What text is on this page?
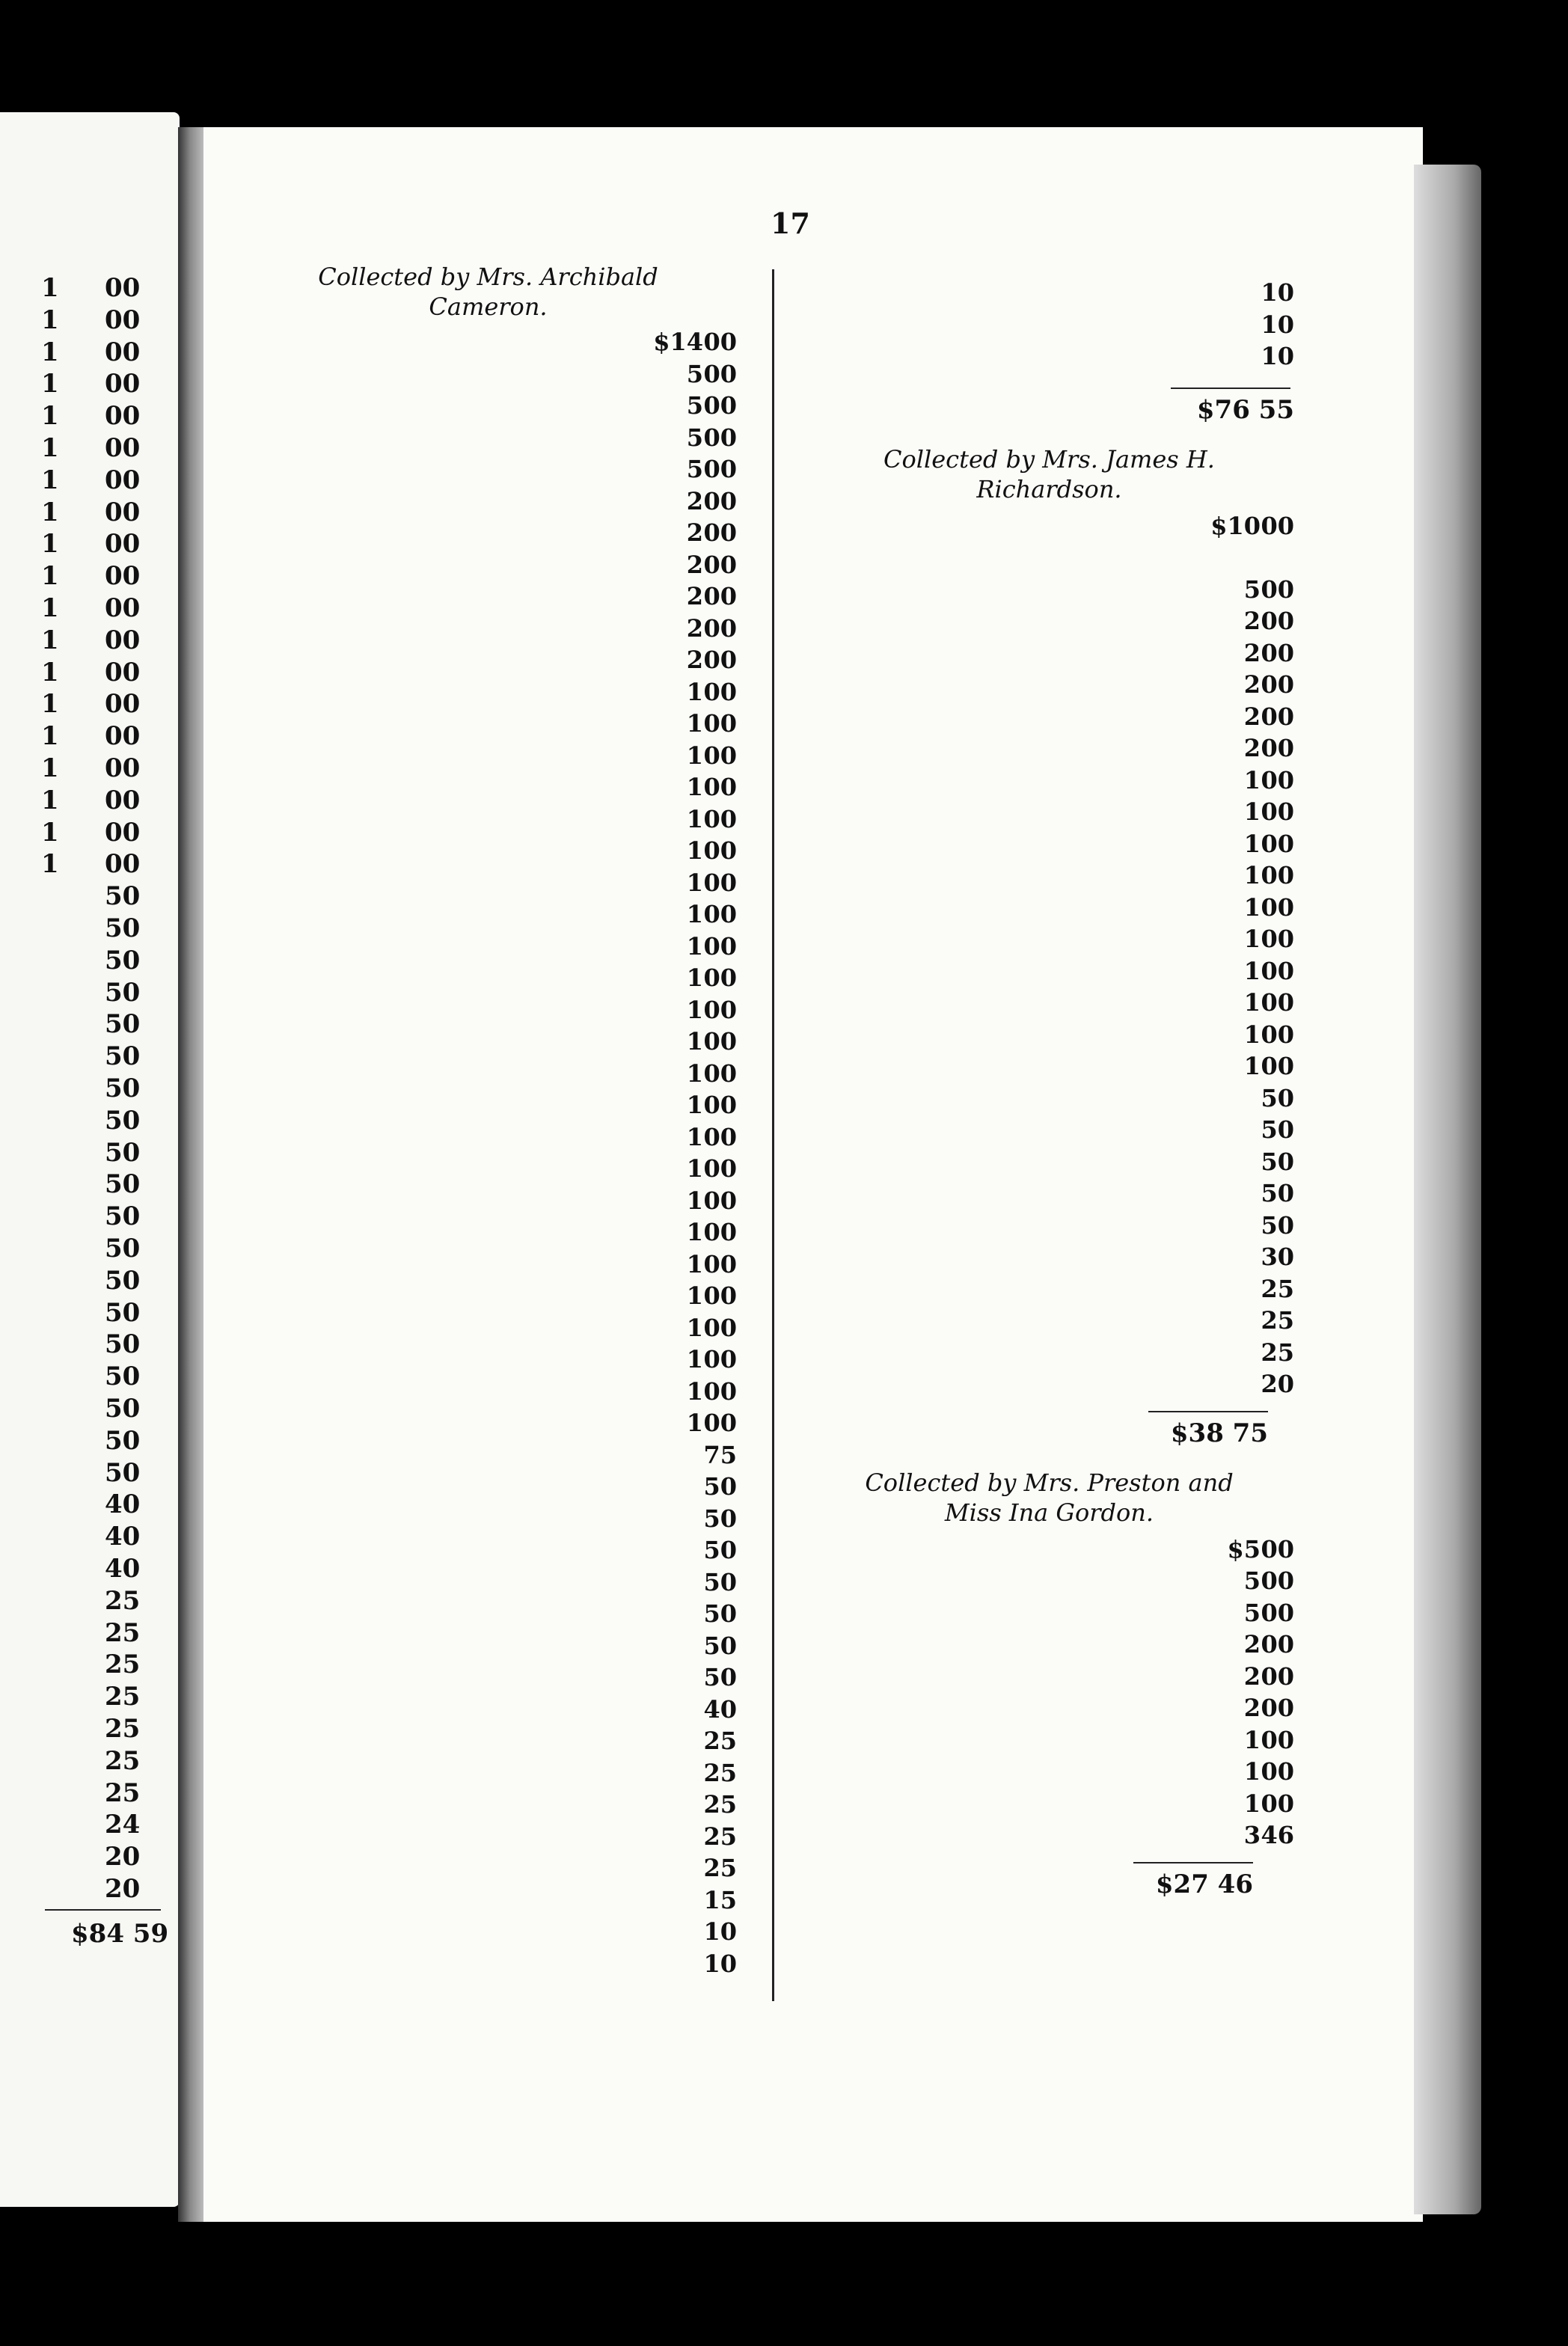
17
1 00
1 00
1 00
1 00
1 00
1 00
1 00
1 00
1 00
1 00
1 00
1 00
1 00
1 00
1 00
1 00
1 00
1 00
1 00
50
50
50
50
50
50
50
50
50
50
50
50
50
50
50
50
50
50
50
40
40
40
25
25
25
25
25
25
25
24
20
20
$84 59
Collected by Mrs. Archibald
Cameron.
$14 00
5 00
5 00
5 00
5 00
2 00
2 00
2 00
2 00
2 00
2 00
1 00
1 00
1 00
1 00
1 00
1 00
1 00
1 00
1 00
1 00
1 00
1 00
1 00
1 00
1 00
1 00
1 00
1 00
1 00
1 00
1 00
1 00
1 00
1 00
75
50
50
50
50
50
50
50
40
25
25
25
25
25
15
10
10
10
10
10
$76 55
Collected by Mrs. James H.
Richardson.
$10 00
5 00
2 00
2 00
2 00
2 00
2 00
1 00
1 00
1 00
1 00
1 00
1 00
1 00
1 00
1 00
1 00
50
50
50
50
50
30
25
25
25
20
$38 75
Collected by Mrs. Preston and
Miss Ina Gordon.
$5 00
5 00
5 00
2 00
2 00
2 00
1 00
1 00
1 00
3 46
$27 46
